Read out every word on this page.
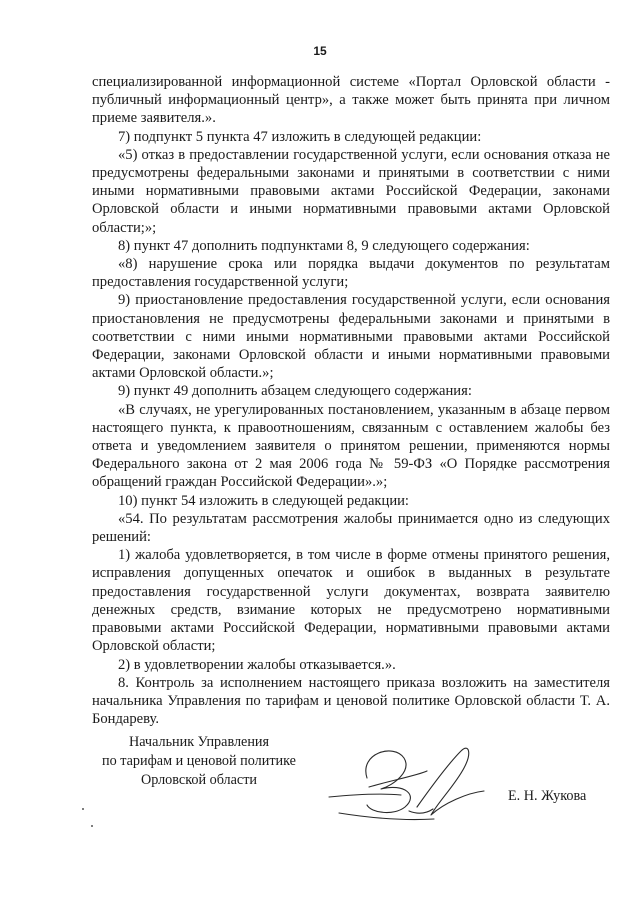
15

специализированной информационной системе «Портал Орловской области - публичный информационный центр», а также может быть принята при личном приеме заявителя.».

7) подпункт 5 пункта 47 изложить в следующей редакции:

«5) отказ в предоставлении государственной услуги, если основания отказа не предусмотрены федеральными законами и принятыми в соответствии с ними иными нормативными правовыми актами Российской Федерации, законами Орловской области и иными нормативными правовыми актами Орловской области;»;

8) пункт 47 дополнить подпунктами 8, 9 следующего содержания:

«8) нарушение срока или порядка выдачи документов по результатам предоставления государственной услуги;

9) приостановление предоставления государственной услуги, если основания приостановления не предусмотрены федеральными законами и принятыми в соответствии с ними иными нормативными правовыми актами Российской Федерации, законами Орловской области и иными нормативными правовыми актами Орловской области.»;

9) пункт 49 дополнить абзацем следующего содержания:

«В случаях, не урегулированных постановлением, указанным в абзаце первом настоящего пункта, к правоотношениям, связанным с оставлением жалобы без ответа и уведомлением заявителя о принятом решении, применяются нормы Федерального закона от 2 мая 2006 года № 59-ФЗ «О Порядке рассмотрения обращений граждан Российской Федерации».»;

10) пункт 54 изложить в следующей редакции:

«54. По результатам рассмотрения жалобы принимается одно из следующих решений:

1) жалоба удовлетворяется, в том числе в форме отмены принятого решения, исправления допущенных опечаток и ошибок в выданных в результате предоставления государственной услуги документах, возврата заявителю денежных средств, взимание которых не предусмотрено нормативными правовыми актами Российской Федерации, нормативными правовыми актами Орловской области;

2) в удовлетворении жалобы отказывается.».

8. Контроль за исполнением настоящего приказа возложить на заместителя начальника Управления по тарифам и ценовой политике Орловской области Т. А. Бондареву.

Начальник Управления
по тарифам и ценовой политике
Орловской области
Е. Н. Жукова
